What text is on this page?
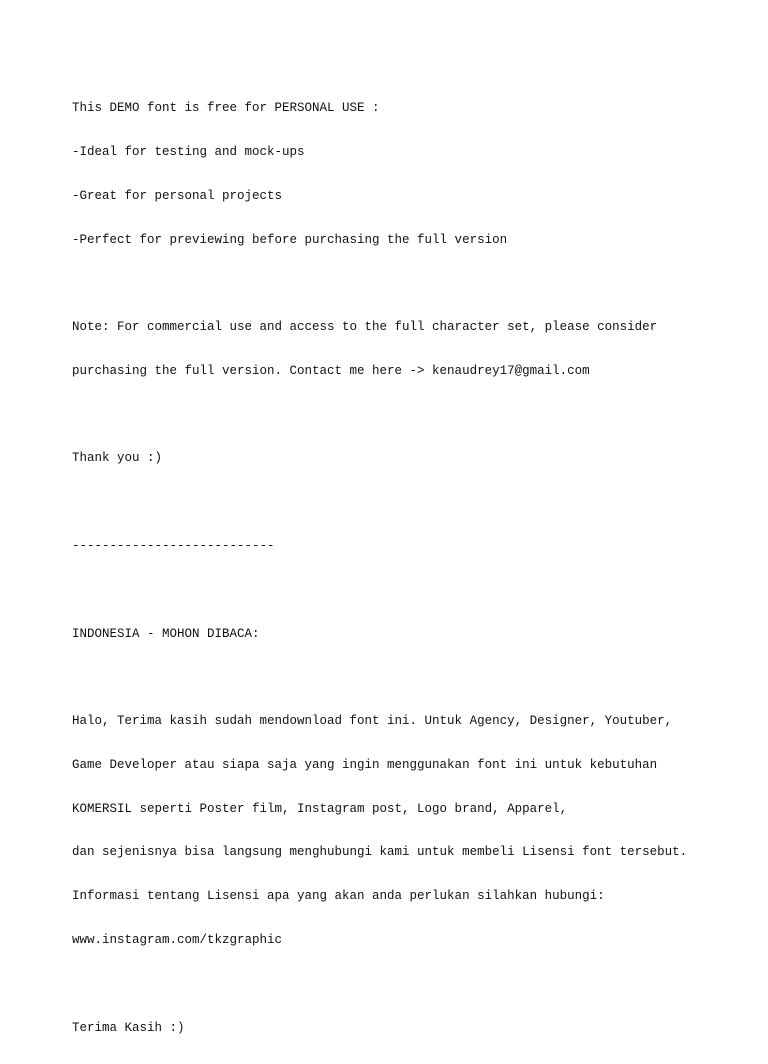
This DEMO font is free for PERSONAL USE :

-Ideal for testing and mock-ups

-Great for personal projects

-Perfect for previewing before purchasing the full version

Note: For commercial use and access to the full character set, please consider

purchasing the full version. Contact me here -> kenaudrey17@gmail.com

Thank you :)

---------------------------

INDONESIA - MOHON DIBACA:

Halo, Terima kasih sudah mendownload font ini. Untuk Agency, Designer, Youtuber,

Game Developer atau siapa saja yang ingin menggunakan font ini untuk kebutuhan

KOMERSIL seperti Poster film, Instagram post, Logo brand, Apparel,

dan sejenisnya bisa langsung menghubungi kami untuk membeli Lisensi font tersebut.

Informasi tentang Lisensi apa yang akan anda perlukan silahkan hubungi:

www.instagram.com/tkzgraphic

Terima Kasih :)
